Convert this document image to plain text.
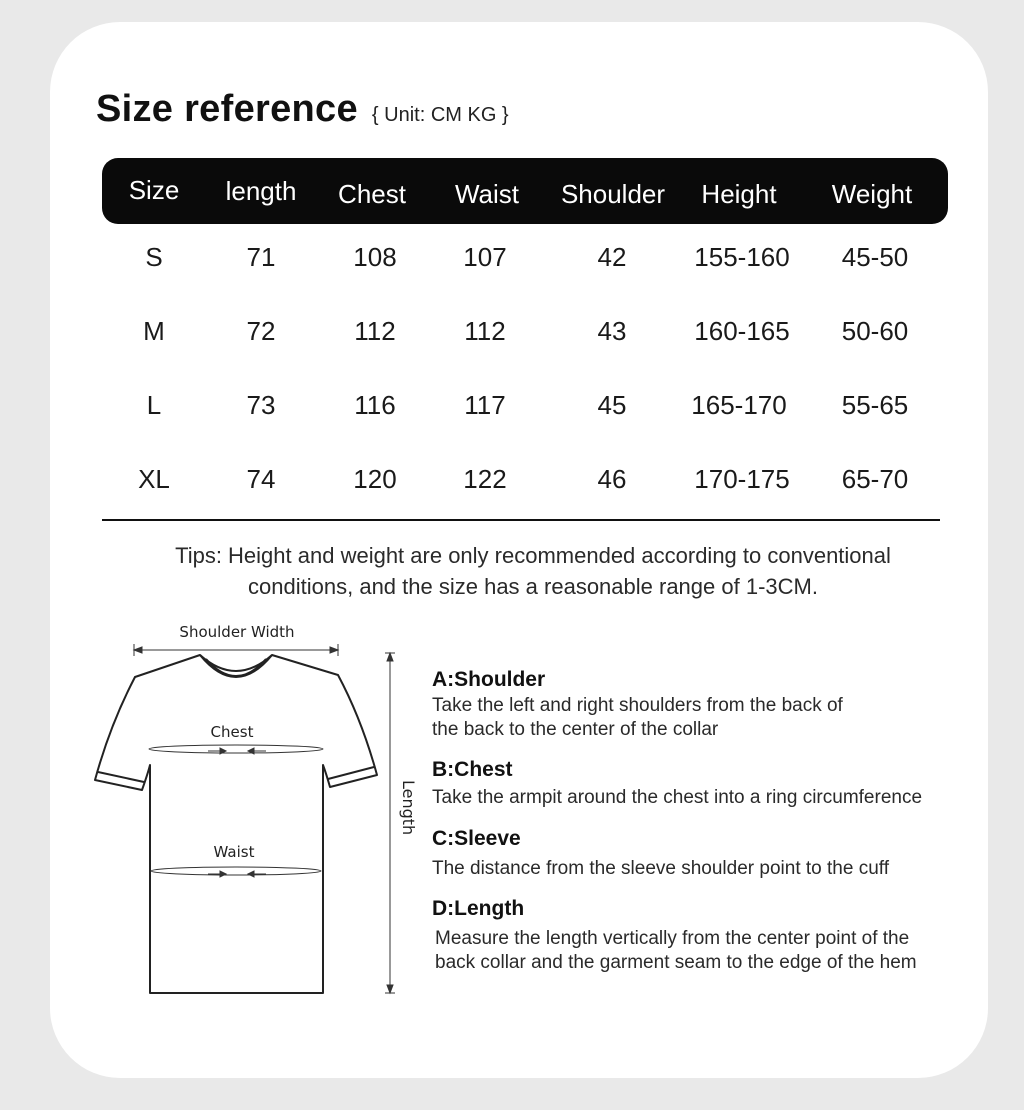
Size reference { Unit: CM KG }
Size length Chest Waist Shoulder Height Weight
S	71	108	107	42	155-160 45-50
M	72	112	112	43	160-165 50-60
L	73	116	117	45 165-170 55-65
XL	74	120	122	46	170-175 65-70
Tips: Height and weight are only recommended according to conventional
conditions, and the size has a reasonable range of 1-3CM.
Shoulder Width
Chest
Waist
Length
A:Shoulder
Take the left and right shoulders from the back of
the back to the center of the collar
B:Chest
Take the armpit around the chest into a ring circumference
C:Sleeve
The distance from the sleeve shoulder point to the cuff
D:Length
Measure the length vertically from the center point of the
back collar and the garment seam to the edge of the hem
